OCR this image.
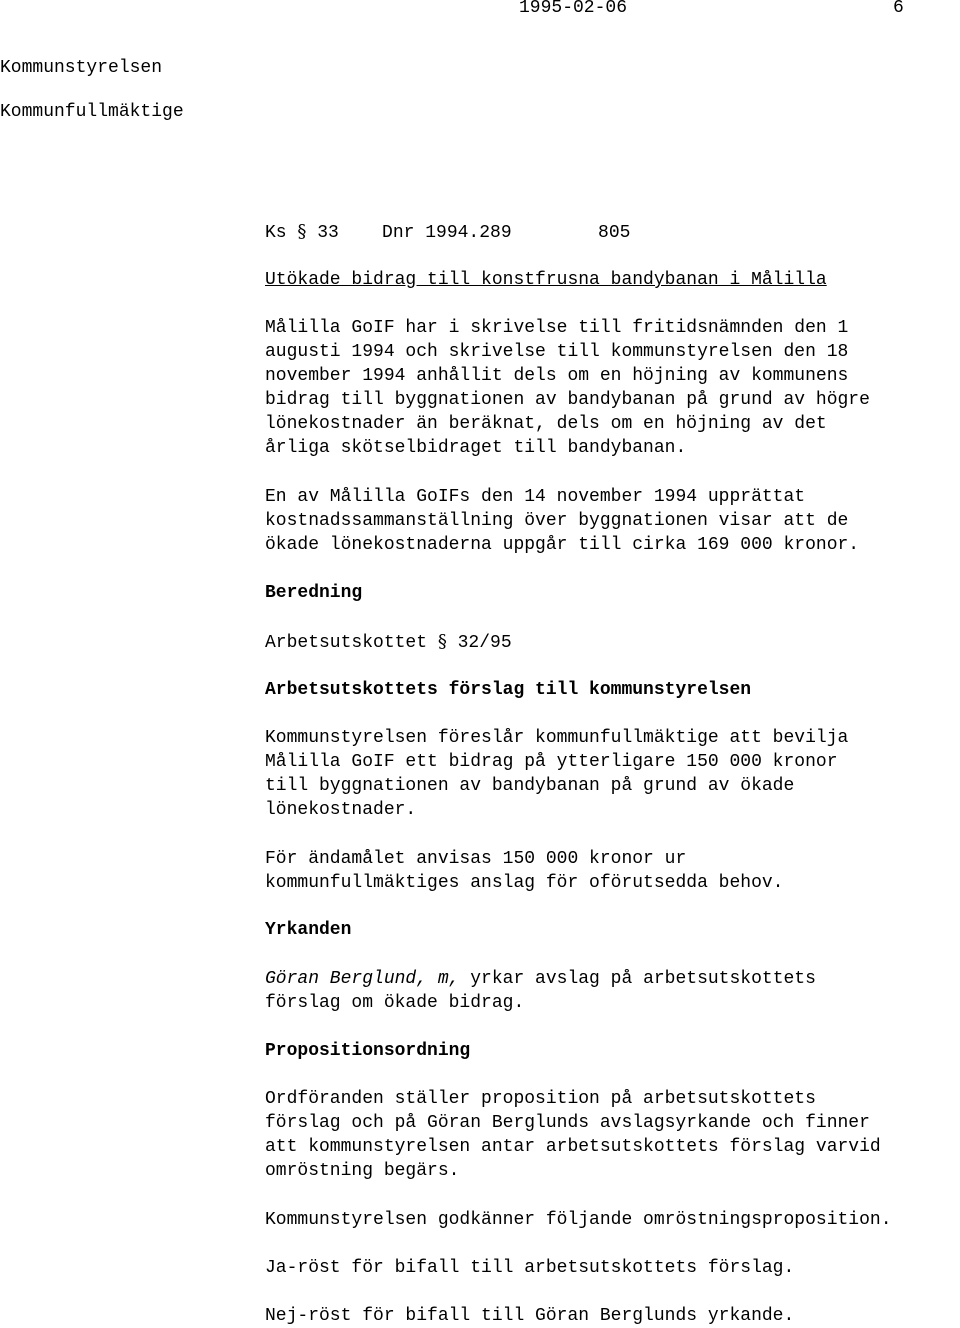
1995-02-06	6
Kommunstyrelsen
Kommunfullmäktige
Ks § 33    Dnr 1994.289        805
Utökade bidrag till konstfrusna bandybanan i Målilla
Målilla GoIF har i skrivelse till fritidsnämnden den 1
augusti 1994 och skrivelse till kommunstyrelsen den 18
november 1994 anhållit dels om en höjning av kommunens
bidrag till byggnationen av bandybanan på grund av högre
lönekostnader än beräknat, dels om en höjning av det
årliga skötselbidraget till bandybanan.
En av Målilla GoIFs den 14 november 1994 upprättat
kostnadssammanställning över byggnationen visar att de
ökade lönekostnaderna uppgår till cirka 169 000 kronor.
Beredning
Arbetsutskottet § 32/95
Arbetsutskottets förslag till kommunstyrelsen
Kommunstyrelsen föreslår kommunfullmäktige att bevilja
Målilla GoIF ett bidrag på ytterligare 150 000 kronor
till byggnationen av bandybanan på grund av ökade
lönekostnader.
För ändamålet anvisas 150 000 kronor ur
kommunfullmäktiges anslag för oförutsedda behov.
Yrkanden
Göran Berglund, m, yrkar avslag på arbetsutskottets
förslag om ökade bidrag.
Propositionsordning
Ordföranden ställer proposition på arbetsutskottets
förslag och på Göran Berglunds avslagsyrkande och finner
att kommunstyrelsen antar arbetsutskottets förslag varvid
omröstning begärs.
Kommunstyrelsen godkänner följande omröstningsproposition.
Ja-röst för bifall till arbetsutskottets förslag.
Nej-röst för bifall till Göran Berglunds yrkande.
